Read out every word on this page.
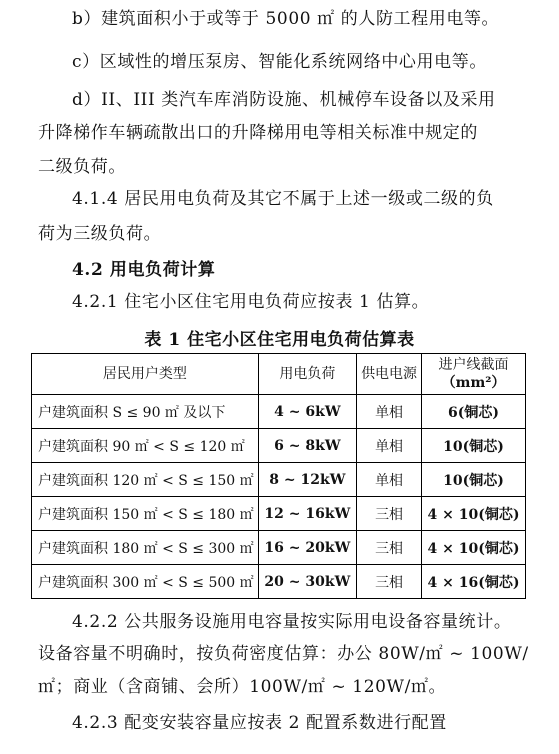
b）建筑面积小于或等于 5000 ㎡ 的人防工程用电等。
c）区域性的增压泵房、智能化系统网络中心用电等。
d）II、III 类汽车库消防设施、机械停车设备以及采用
升降梯作车辆疏散出口的升降梯用电等相关标准中规定的
二级负荷。
4.1.4 居民用电负荷及其它不属于上述一级或二级的负
荷为三级负荷。
4.2 用电负荷计算
4.2.1 住宅小区住宅用电负荷应按表 1 估算。
表 1 住宅小区住宅用电负荷估算表
居民用户类型	用电负荷	供电电源	进户线截面
（mm²）

户建筑面积 S ≤ 90 ㎡ 及以下	4 ~ 6kW	单相	6(铜芯)
户建筑面积 90 ㎡ < S ≤ 120 ㎡	6 ~ 8kW	单相	10(铜芯)
户建筑面积 120 ㎡ < S ≤ 150 ㎡	8 ~ 12kW	单相	10(铜芯)
户建筑面积 150 ㎡ < S ≤ 180 ㎡	12 ~ 16kW	三相	4 × 10(铜芯)
户建筑面积 180 ㎡ < S ≤ 300 ㎡	16 ~ 20kW	三相	4 × 10(铜芯)
户建筑面积 300 ㎡ < S ≤ 500 ㎡	20 ~ 30kW	三相	4 × 16(铜芯)
4.2.2 公共服务设施用电容量按实际用电设备容量统计。
设备容量不明确时，按负荷密度估算：办公 80W/㎡ ~ 100W/
㎡；商业（含商铺、会所）100W/㎡ ~ 120W/㎡。
4.2.3 配变安装容量应按表 2 配置系数进行配置
